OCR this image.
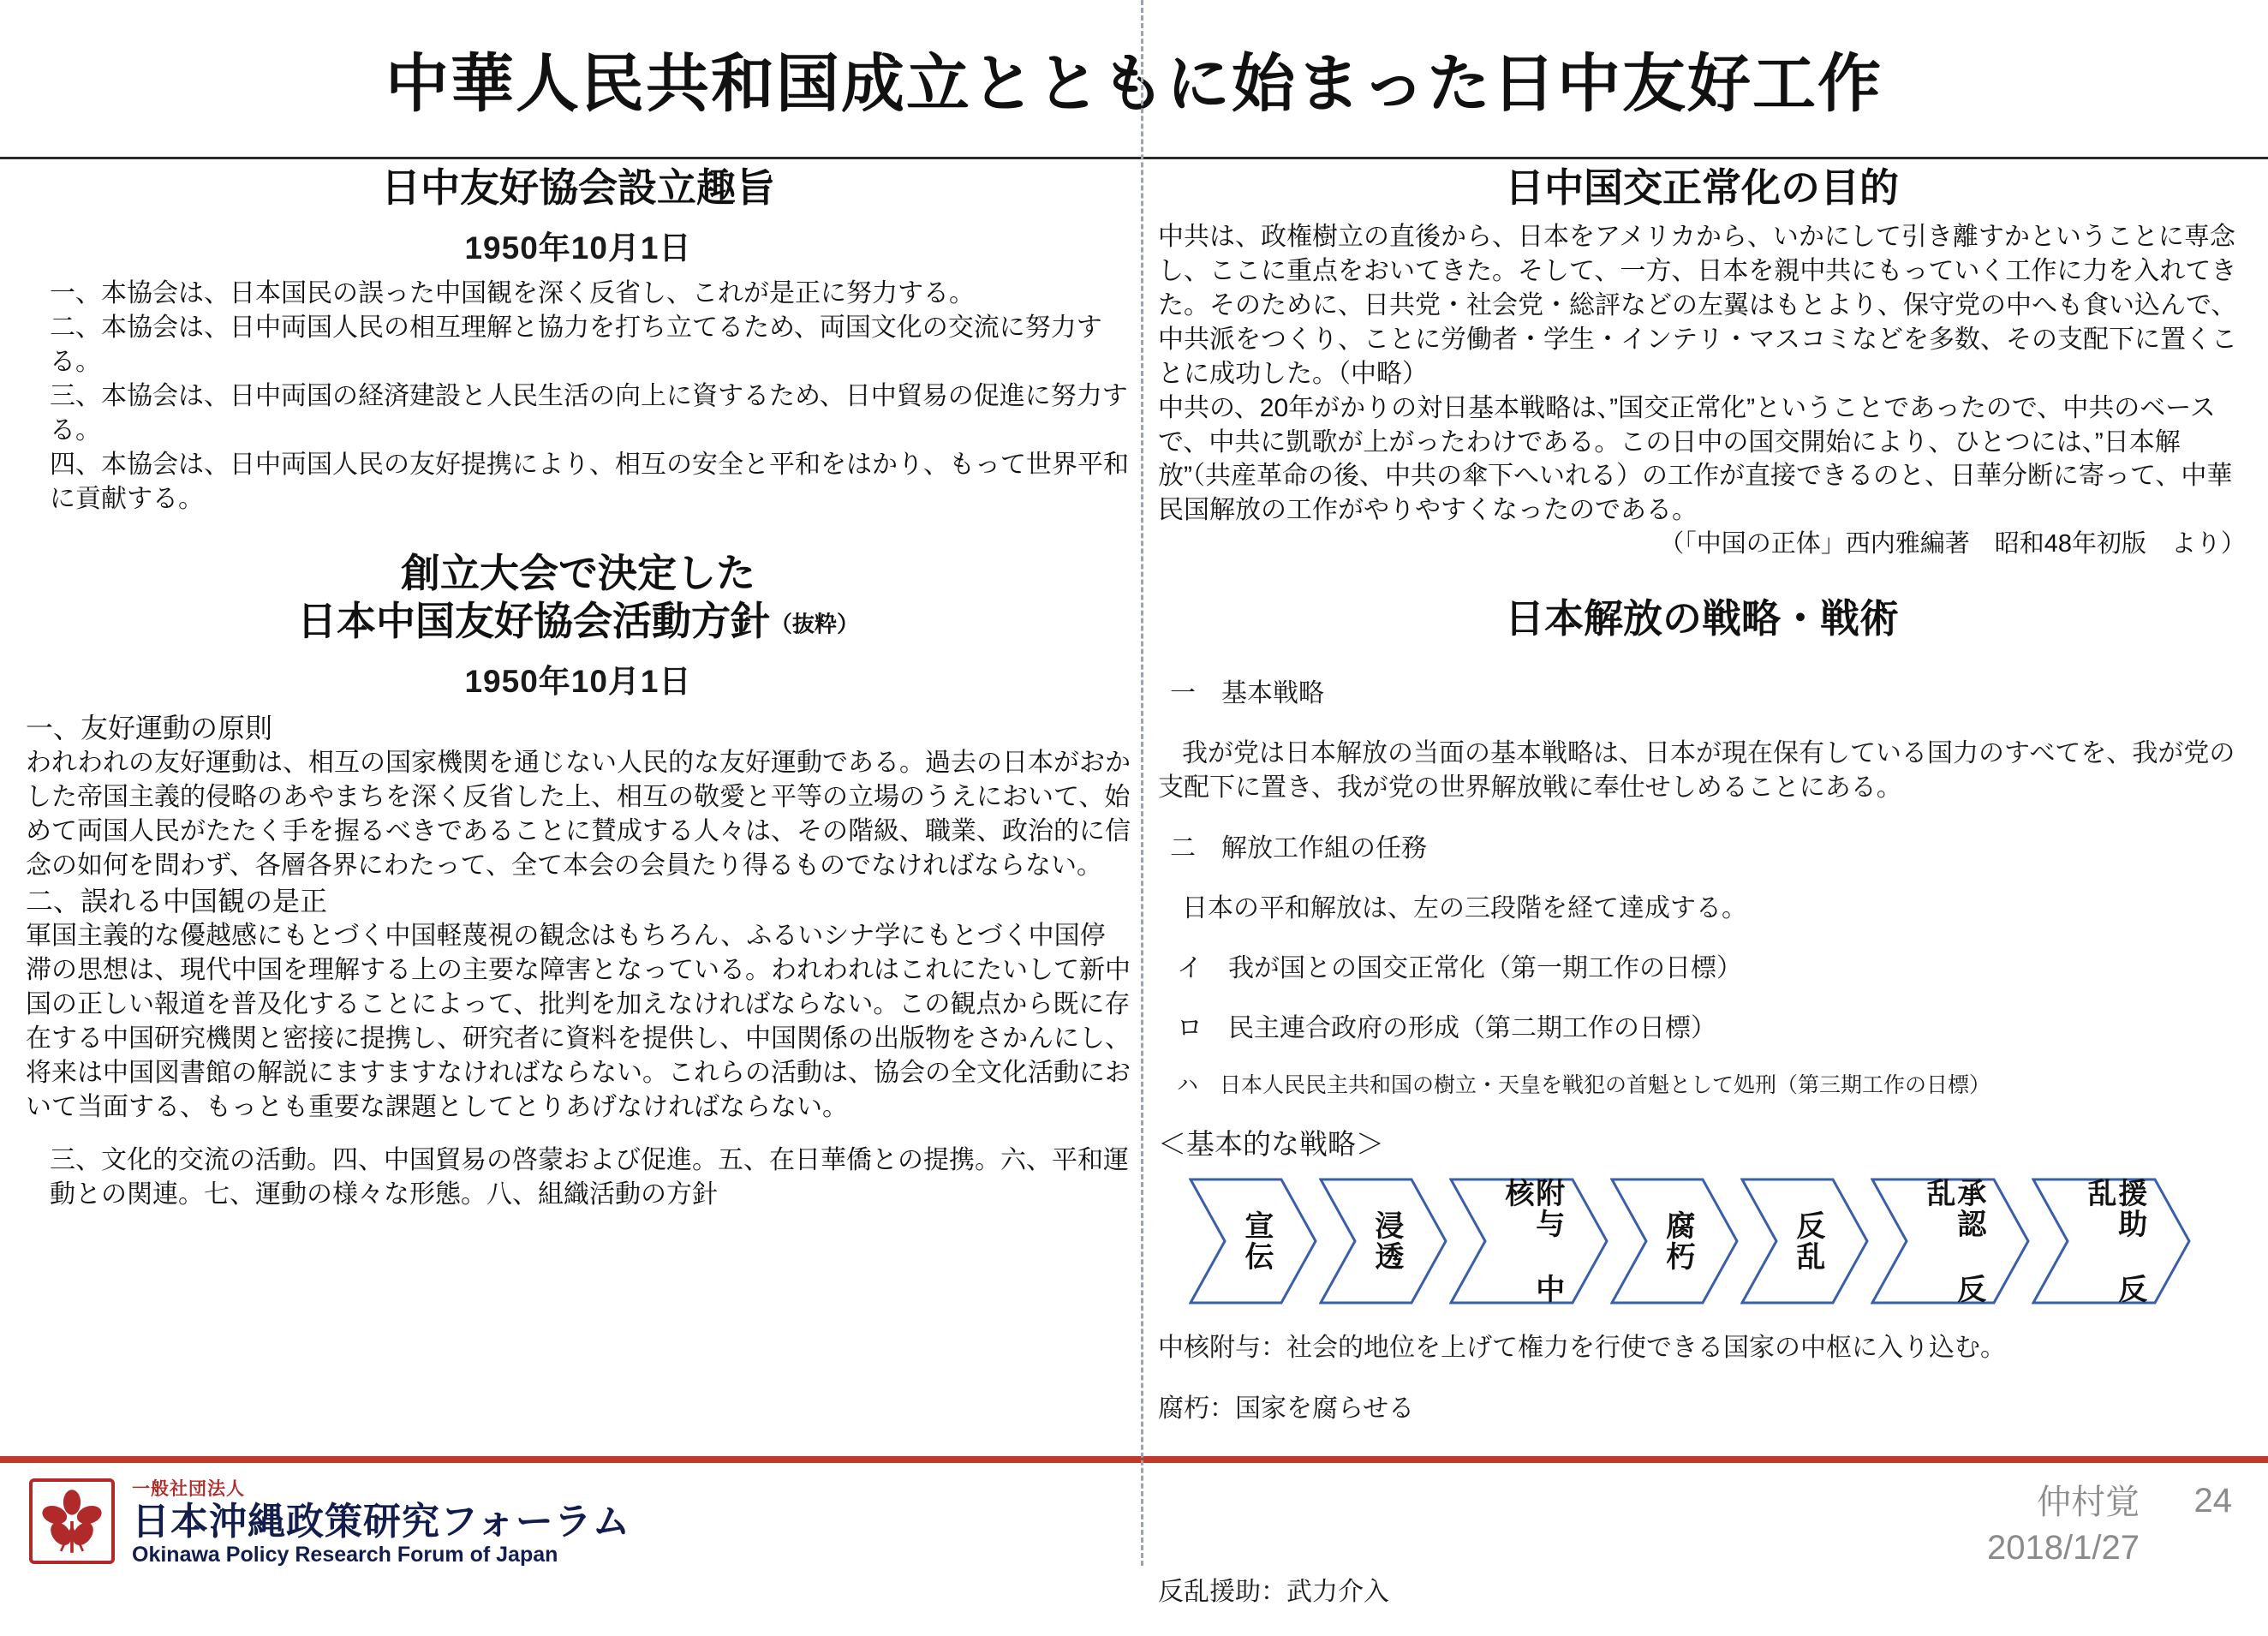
中華人民共和国成立とともに始まった日中友好工作
日中友好協会設立趣旨
1950年10月1日

一、本協会は、日本国民の誤った中国観を深く反省し、これが是正に努力する。

二、本協会は、日中両国人民の相互理解と協力を打ち立てるため、両国文化の交流に努力する。

三、本協会は、日中両国の経済建設と人民生活の向上に資するため、日中貿易の促進に努力する。

四、本協会は、日中両国人民の友好提携により、相互の安全と平和をはかり、もって世界平和に貢献する。

創立大会で決定した
日本中国友好協会活動方針（抜粋）
1950年10月1日

一、友好運動の原則

われわれの友好運動は、相互の国家機関を通じない人民的な友好運動である。過去の日本がおかした帝国主義的侵略のあやまちを深く反省した上、相互の敬愛と平等の立場のうえにおいて、始めて両国人民がたたく手を握るべきであることに賛成する人々は、その階級、職業、政治的に信念の如何を問わず、各層各界にわたって、全て本会の会員たり得るものでなければならない。

二、誤れる中国観の是正

軍国主義的な優越感にもとづく中国軽蔑視の観念はもちろん、ふるいシナ学にもとづく中国停滞の思想は、現代中国を理解する上の主要な障害となっている。われわれはこれにたいして新中国の正しい報道を普及化することによって、批判を加えなければならない。この観点から既に存在する中国研究機関と密接に提携し、研究者に資料を提供し、中国関係の出版物をさかんにし、将来は中国図書館の解説にますますなければならない。これらの活動は、協会の全文化活動において当面する、もっとも重要な課題としてとりあげなければならない。

三、文化的交流の活動。四、中国貿易の啓蒙および促進。五、在日華僑との提携。六、平和運動との関連。七、運動の様々な形態。八、組織活動の方針

日中国交正常化の目的

中共は、政権樹立の直後から、日本をアメリカから、いかにして引き離すかということに専念し、ここに重点をおいてきた。そして、一方、日本を親中共にもっていく工作に力を入れてきた。そのために、日共党・社会党・総評などの左翼はもとより、保守党の中へも食い込んで、中共派をつくり、ことに労働者・学生・インテリ・マスコミなどを多数、その支配下に置くことに成功した。（中略）

中共の、20年がかりの対日基本戦略は、”国交正常化”ということであったので、中共のベースで、中共に凱歌が上がったわけである。この日中の国交開始により、ひとつには、”日本解放”（共産革命の後、中共の傘下へいれる）の工作が直接できるのと、日華分断に寄って、中華民国解放の工作がやりやすくなったのである。

（「中国の正体」西内雅編著　昭和48年初版　より）

日本解放の戦略・戦術

一　基本戦略

我が党は日本解放の当面の基本戦略は、日本が現在保有している国力のすべてを、我が党の支配下に置き、我が党の世界解放戦に奉仕せしめることにある。

二　解放工作組の任務

日本の平和解放は、左の三段階を経て達成する。

イ　我が国との国交正常化（第一期工作の日標）

ロ　民主連合政府の形成（第二期工作の日標）

ハ　日本人民民主共和国の樹立・天皇を戦犯の首魁として処刑（第三期工作の日標）

＜基本的な戦略＞
宣伝	浸透	附与 中核
腐朽	反乱	承認 反乱	援助 反乱

中核附与：社会的地位を上げて権力を行使できる国家の中枢に入り込む。

腐朽：国家を腐らせる

反乱援助：武力介入

一般社団法人
日本沖縄政策研究フォーラム
Okinawa Policy Research Forum of Japan
仲村覚
2018/1/27
24
